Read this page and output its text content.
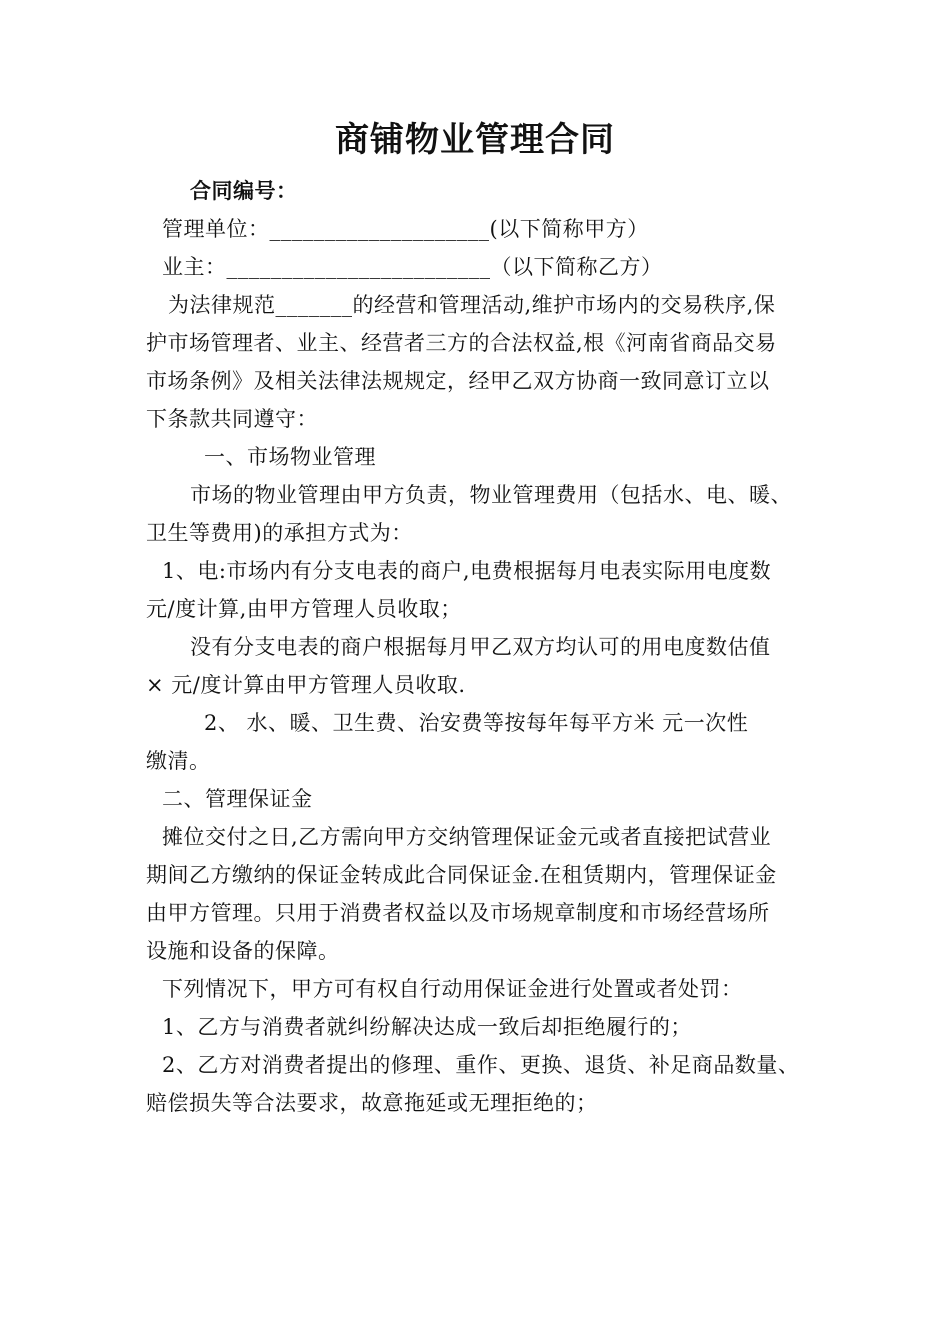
商铺物业管理合同
合同编号：
管理单位：____________________(以下简称甲方）
业主：________________________（以下简称乙方）
为法律规范_______的经营和管理活动,维护市场内的交易秩序,保
护市场管理者、业主、经营者三方的合法权益,根《河南省商品交易
市场条例》及相关法律法规规定，经甲乙双方协商一致同意订立以
下条款共同遵守：
一、市场物业管理
市场的物业管理由甲方负责，物业管理费用（包括水、电、暖、
卫生等费用)的承担方式为：
1、电:市场内有分支电表的商户,电费根据每月电表实际用电度数
元/度计算,由甲方管理人员收取；
没有分支电表的商户根据每月甲乙双方均认可的用电度数估值
× 元/度计算由甲方管理人员收取.
2、 水、暖、卫生费、治安费等按每年每平方米 元一次性
缴清。
二、管理保证金
摊位交付之日,乙方需向甲方交纳管理保证金元或者直接把试营业
期间乙方缴纳的保证金转成此合同保证金.在租赁期内，管理保证金
由甲方管理。只用于消费者权益以及市场规章制度和市场经营场所
设施和设备的保障。
下列情况下，甲方可有权自行动用保证金进行处置或者处罚：
1、乙方与消费者就纠纷解决达成一致后却拒绝履行的；
2、乙方对消费者提出的修理、重作、更换、退货、补足商品数量、
赔偿损失等合法要求，故意拖延或无理拒绝的；
